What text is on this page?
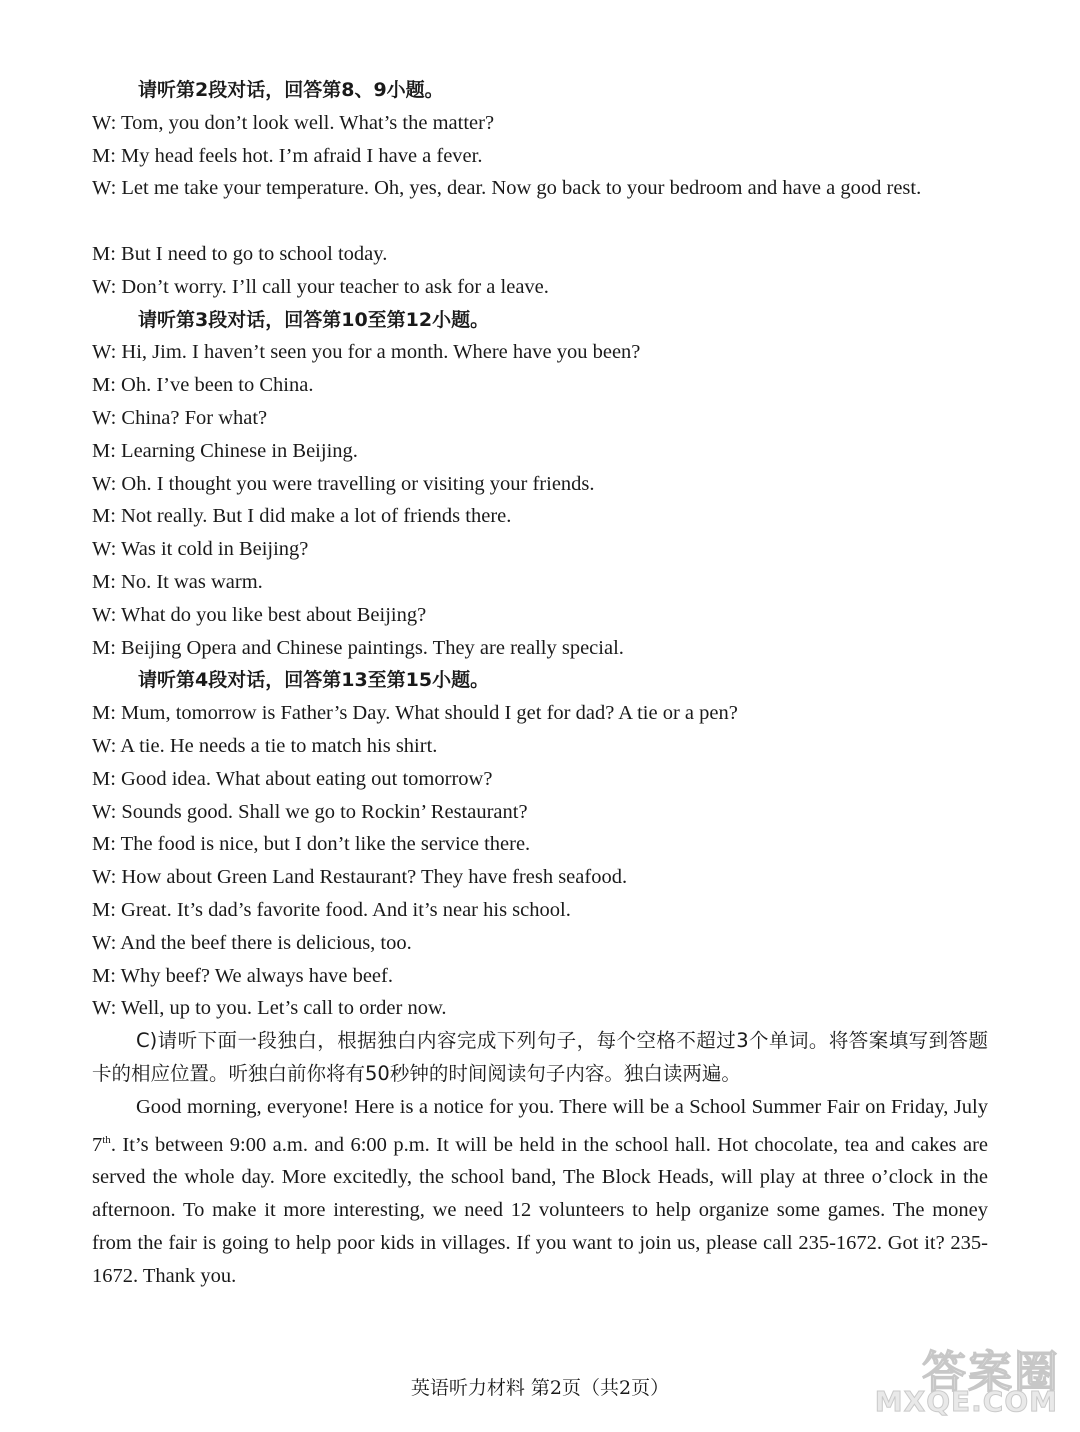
请听第2段对话，回答第8、9小题。
W: Tom, you don’t look well. What’s the matter?
M: My head feels hot. I’m afraid I have a fever.
W: Let me take your temperature. Oh, yes, dear. Now go back to your bedroom and have a good rest.
M: But I need to go to school today.
W: Don’t worry. I’ll call your teacher to ask for a leave.
请听第3段对话，回答第10至第12小题。
W: Hi, Jim. I haven’t seen you for a month. Where have you been?
M: Oh. I’ve been to China.
W: China? For what?
M: Learning Chinese in Beijing.
W: Oh. I thought you were travelling or visiting your friends.
M: Not really. But I did make a lot of friends there.
W: Was it cold in Beijing?
M: No. It was warm.
W: What do you like best about Beijing?
M: Beijing Opera and Chinese paintings. They are really special.
请听第4段对话，回答第13至第15小题。
M: Mum, tomorrow is Father’s Day. What should I get for dad? A tie or a pen?
W: A tie. He needs a tie to match his shirt.
M: Good idea. What about eating out tomorrow?
W: Sounds good. Shall we go to Rockin’ Restaurant?
M: The food is nice, but I don’t like the service there.
W: How about Green Land Restaurant? They have fresh seafood.
M: Great. It’s dad’s favorite food. And it’s near his school.
W: And the beef there is delicious, too.
M: Why beef? We always have beef.
W: Well, up to you. Let’s call to order now.

C)请听下面一段独白，根据独白内容完成下列句子，每个空格不超过3个单词。将答案填写到答题卡的相应位置。听独白前你将有50秒钟的时间阅读句子内容。独白读两遍。

Good morning, everyone! Here is a notice for you. There will be a School Summer Fair on Friday, July 7th. It’s between 9:00 a.m. and 6:00 p.m. It will be held in the school hall. Hot chocolate, tea and cakes are served the whole day. More excitedly, the school band, The Block Heads, will play at three o’clock in the afternoon. To make it more interesting, we need 12 volunteers to help organize some games. The money from the fair is going to help poor kids in villages. If you want to join us, please call 235-1672. Got it? 235-1672. Thank you.

英语听力材料 第2页（共2页）	答案圈
MXQE.COM
